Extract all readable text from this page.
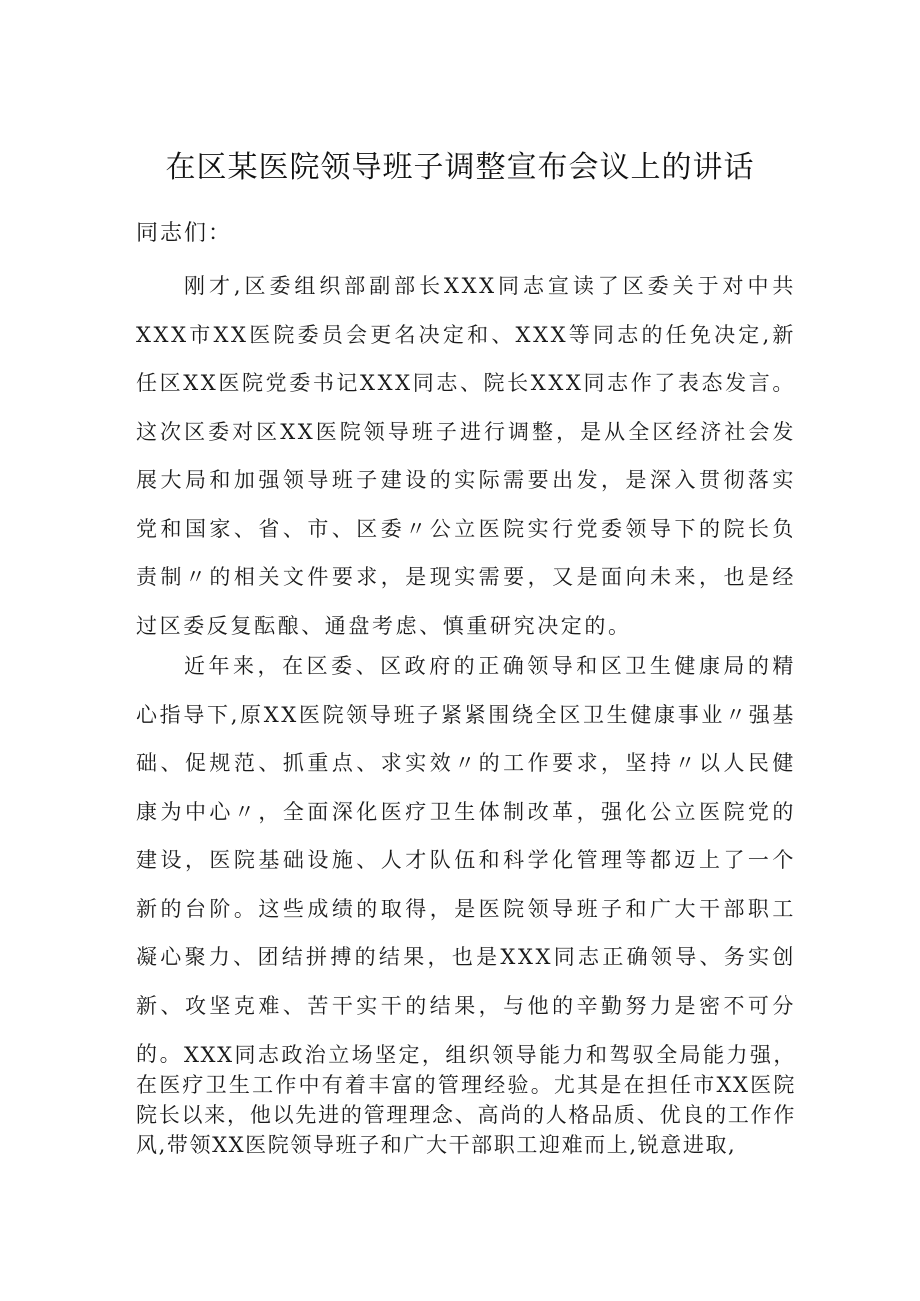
在区某医院领导班子调整宣布会议上的讲话

同志们：

刚才,区委组织部副部长XXX同志宣读了区委关于对中共XXX市XX医院委员会更名决定和、XXX等同志的任免决定,新任区XX医院党委书记XXX同志、院长XXX同志作了表态发言。这次区委对区XX医院领导班子进行调整，是从全区经济社会发展大局和加强领导班子建设的实际需要出发，是深入贯彻落实党和国家、省、市、区委〃公立医院实行党委领导下的院长负责制〃的相关文件要求，是现实需要，又是面向未来，也是经过区委反复酝酿、通盘考虑、慎重研究决定的。

近年来，在区委、区政府的正确领导和区卫生健康局的精心指导下,原XX医院领导班子紧紧围绕全区卫生健康事业〃强基础、促规范、抓重点、求实效〃的工作要求，坚持〃以人民健康为中心〃，全面深化医疗卫生体制改革，强化公立医院党的建设，医院基础设施、人才队伍和科学化管理等都迈上了一个新的台阶。这些成绩的取得，是医院领导班子和广大干部职工凝心聚力、团结拼搏的结果，也是XXX同志正确领导、务实创新、攻坚克难、苦干实干的结果，与他的辛勤努力是密不可分的。 XXX同志政治立场坚定，组织领导能力和驾驭全局能力强，在医疗卫生工作中有着丰富的管理经验。尤其是在担任市XX医院院长以来，他以先进的管理理念、高尚的人格品质、优良的工作作风,带领XX医院领导班子和广大干部职工迎难而上,锐意进取,
